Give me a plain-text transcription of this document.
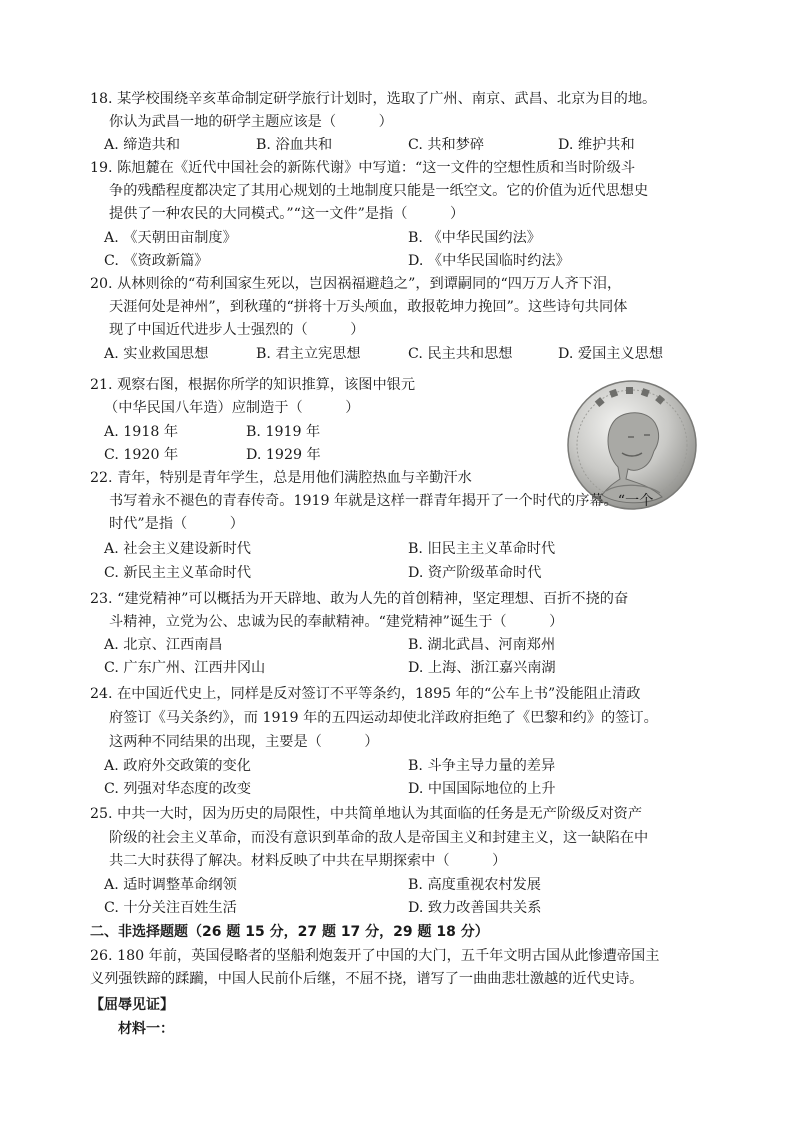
18. 某学校围绕辛亥革命制定研学旅行计划时，选取了广州、南京、武昌、北京为目的地。
你认为武昌一地的研学主题应该是（　　　）
A. 缔造共和	B. 浴血共和	C. 共和梦碎	D. 维护共和
19. 陈旭麓在《近代中国社会的新陈代谢》中写道：“这一文件的空想性质和当时阶级斗
争的残酷程度都决定了其用心规划的土地制度只能是一纸空文。它的价值为近代思想史
提供了一种农民的大同模式。”“这一文件”是指（　　　）
A. 《天朝田亩制度》	B. 《中华民国约法》
C. 《资政新篇》	D. 《中华民国临时约法》
20. 从林则徐的“苟利国家生死以，岂因祸福避趋之”，到谭嗣同的“四万万人齐下泪，
天涯何处是神州”，到秋瑾的“拼将十万头颅血，敢报乾坤力挽回”。这些诗句共同体
现了中国近代进步人士强烈的（　　　）
A. 实业救国思想	B. 君主立宪思想	C. 民主共和思想	D. 爱国主义思想
21. 观察右图，根据你所学的知识推算，该图中银元
（中华民国八年造）应制造于（　　　）
A. 1918 年	B. 1919 年
C. 1920 年	D. 1929 年
22. 青年，特别是青年学生，总是用他们满腔热血与辛勤汗水
书写着永不褪色的青春传奇。1919 年就是这样一群青年揭开了一个时代的序幕。“一个
时代”是指（　　　）
A. 社会主义建设新时代	B. 旧民主主义革命时代
C. 新民主主义革命时代	D. 资产阶级革命时代
23. “建党精神”可以概括为开天辟地、敢为人先的首创精神，坚定理想、百折不挠的奋
斗精神，立党为公、忠诚为民的奉献精神。“建党精神”诞生于（　　　）
A. 北京、江西南昌	B. 湖北武昌、河南郑州
C. 广东广州、江西井冈山	D. 上海、浙江嘉兴南湖
24. 在中国近代史上，同样是反对签订不平等条约，1895 年的“公车上书”没能阻止清政
府签订《马关条约》，而 1919 年的五四运动却使北洋政府拒绝了《巴黎和约》的签订。
这两种不同结果的出现，主要是（　　　）
A. 政府外交政策的变化	B. 斗争主导力量的差异
C. 列强对华态度的改变	D. 中国国际地位的上升
25. 中共一大时，因为历史的局限性，中共简单地认为其面临的任务是无产阶级反对资产
阶级的社会主义革命，而没有意识到革命的敌人是帝国主义和封建主义，这一缺陷在中
共二大时获得了解决。材料反映了中共在早期探索中（　　　）
A. 适时调整革命纲领	B. 高度重视农村发展
C. 十分关注百姓生活	D. 致力改善国共关系
二、非选择题题（26 题 15 分，27 题 17 分，29 题 18 分）
26. 180 年前，英国侵略者的坚船利炮轰开了中国的大门，五千年文明古国从此惨遭帝国主
义列强铁蹄的蹂躏，中国人民前仆后继，不屈不挠，谱写了一曲曲悲壮激越的近代史诗。
【屈辱见证】
材料一：
